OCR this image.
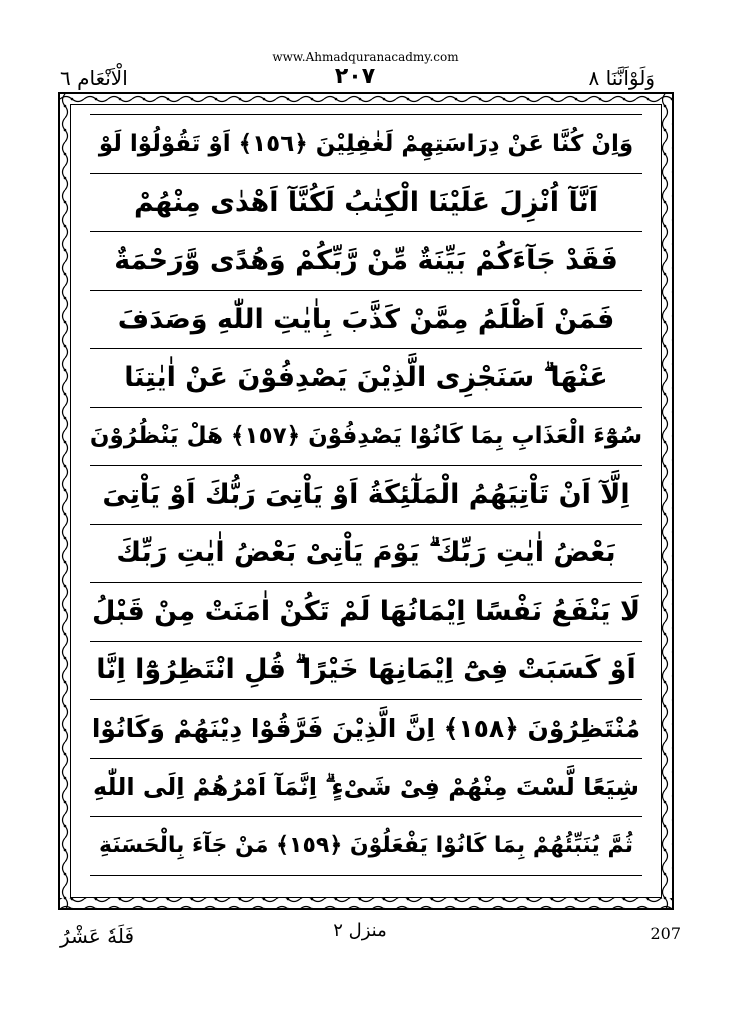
www.Ahmadquranacadmy.com
وَلَوْاَنَّنَا ٨
٢٠٧
الْاَنْعَام ٦
وَاِنْ كُنَّا عَنْ دِرَاسَتِهِمْ لَغٰفِلِيْنَ ﴿١٥٦﴾ اَوْ تَقُوْلُوْا لَوْ
اَنَّآ اُنْزِلَ عَلَيْنَا الْكِتٰبُ لَكُنَّآ اَهْدٰى مِنْهُمْ
فَقَدْ جَآءَكُمْ بَيِّنَةٌ مِّنْ رَّبِّكُمْ وَهُدًى وَّرَحْمَةٌ
فَمَنْ اَظْلَمُ مِمَّنْ كَذَّبَ بِاٰيٰتِ اللّٰهِ وَصَدَفَ
عَنْهَا ۗ سَنَجْزِى الَّذِيْنَ يَصْدِفُوْنَ عَنْ اٰيٰتِنَا
سُوْٓءَ الْعَذَابِ بِمَا كَانُوْا يَصْدِفُوْنَ ﴿١٥٧﴾ هَلْ يَنْظُرُوْنَ
اِلَّآ اَنْ تَاْتِيَهُمُ الْمَلٰٓئِكَةُ اَوْ يَاْتِىَ رَبُّكَ اَوْ يَاْتِىَ
بَعْضُ اٰيٰتِ رَبِّكَ ۗ يَوْمَ يَاْتِىْ بَعْضُ اٰيٰتِ رَبِّكَ
لَا يَنْفَعُ نَفْسًا اِيْمَانُهَا لَمْ تَكُنْ اٰمَنَتْ مِنْ قَبْلُ
اَوْ كَسَبَتْ فِىْٓ اِيْمَانِهَا خَيْرًا ۗ قُلِ انْتَظِرُوْٓا اِنَّا
مُنْتَظِرُوْنَ ﴿١٥٨﴾ اِنَّ الَّذِيْنَ فَرَّقُوْا دِيْنَهُمْ وَكَانُوْا
شِيَعًا لَّسْتَ مِنْهُمْ فِىْ شَىْءٍ ۗ اِنَّمَآ اَمْرُهُمْ اِلَى اللّٰهِ
ثُمَّ يُنَبِّئُهُمْ بِمَا كَانُوْا يَفْعَلُوْنَ ﴿١٥٩﴾ مَنْ جَآءَ بِالْحَسَنَةِ
207
منزل ٢
فَلَهٗ عَشْرُ
